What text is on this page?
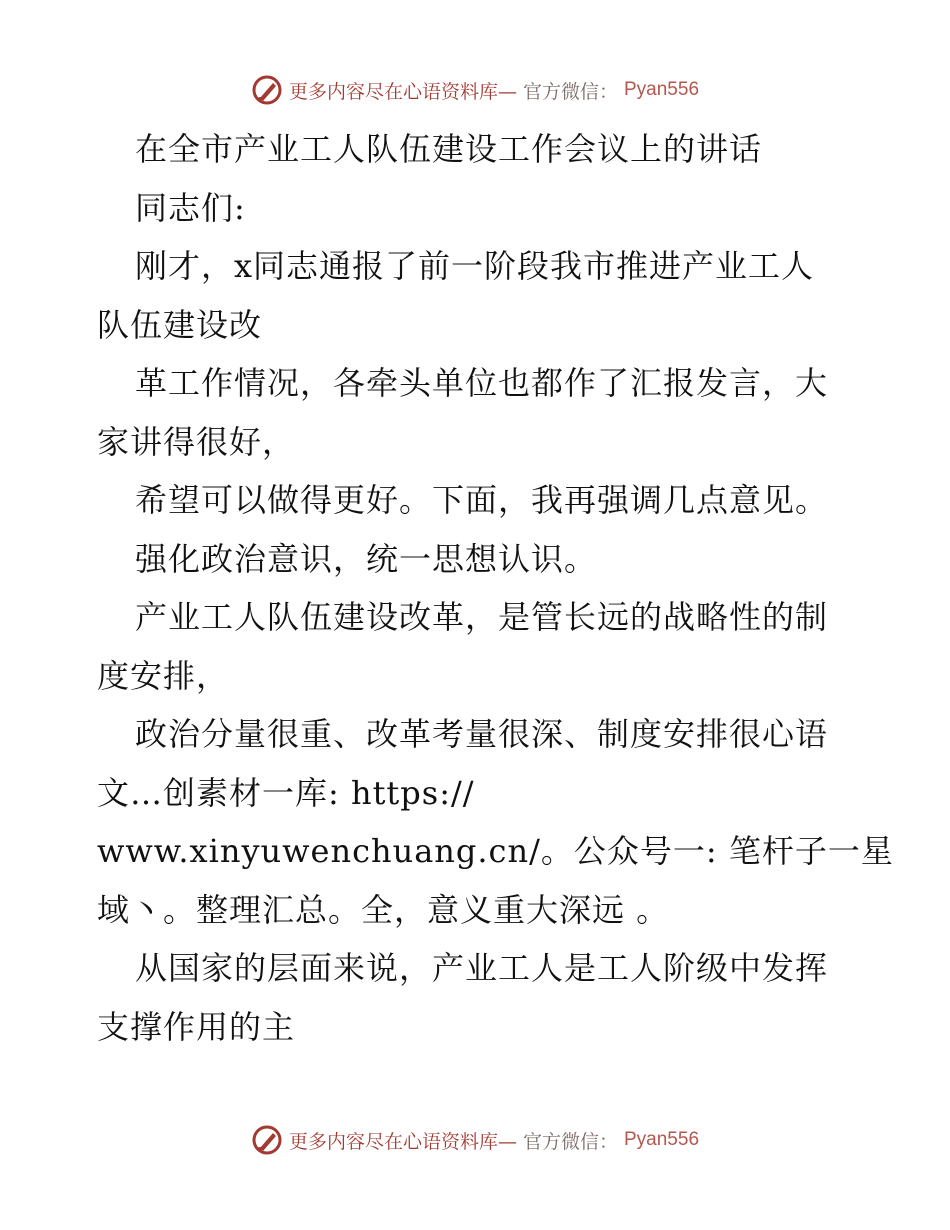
更多内容尽在心语资料库— 官方微信： Pyan556
在全市产业工人队伍建设工作会议上的讲话
同志们:
刚才，x同志通报了前一阶段我市推进产业工人
队伍建设改
革工作情况，各牵头单位也都作了汇报发言，大
家讲得很好，
希望可以做得更好。下面，我再强调几点意见。
强化政治意识，统一思想认识。
产业工人队伍建设改革，是管长远的战略性的制
度安排，
政治分量很重、改革考量很深、制度安排很心语
文…创素材一库: https://
www.xinyuwenchuang.cn/。公众号一: 笔杆子一星
域丶。整理汇总。全，意义重大深远 。
从国家的层面来说，产业工人是工人阶级中发挥
支撑作用的主
更多内容尽在心语资料库— 官方微信： Pyan556
